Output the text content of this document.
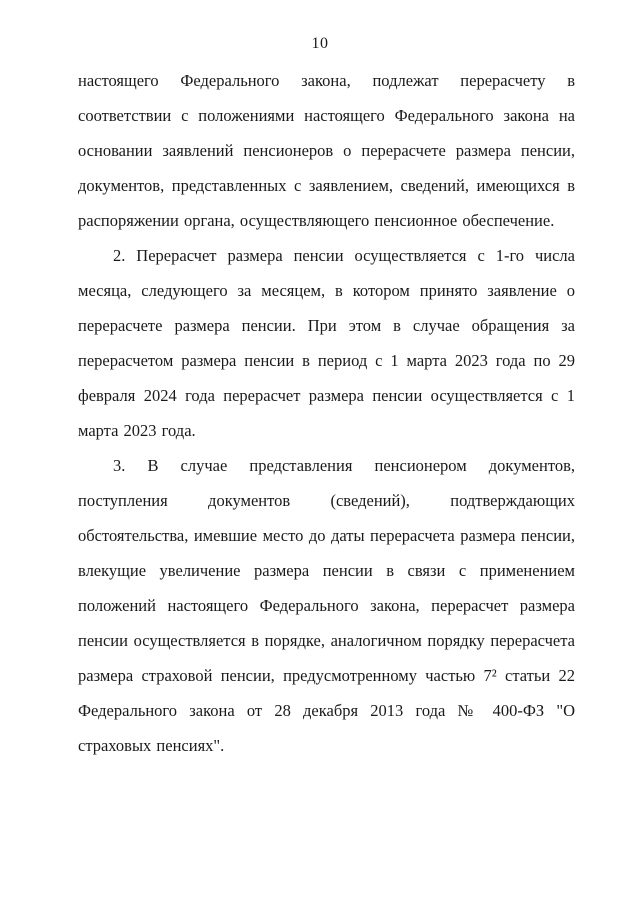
10

настоящего Федерального закона, подлежат перерасчету в соответствии с положениями настоящего Федерального закона на основании заявлений пенсионеров о перерасчете размера пенсии, документов, представленных с заявлением, сведений, имеющихся в распоряжении органа, осуществляющего пенсионное обеспечение.

2. Перерасчет размера пенсии осуществляется с 1-го числа месяца, следующего за месяцем, в котором принято заявление о перерасчете размера пенсии. При этом в случае обращения за перерасчетом размера пенсии в период с 1 марта 2023 года по 29 февраля 2024 года перерасчет размера пенсии осуществляется с 1 марта 2023 года.

3. В случае представления пенсионером документов, поступления документов (сведений), подтверждающих обстоятельства, имевшие место до даты перерасчета размера пенсии, влекущие увеличение размера пенсии в связи с применением положений настоящего Федерального закона, перерасчет размера пенсии осуществляется в порядке, аналогичном порядку перерасчета размера страховой пенсии, предусмотренному частью 7² статьи 22 Федерального закона от 28 декабря 2013 года № 400-ФЗ "О страховых пенсиях".
